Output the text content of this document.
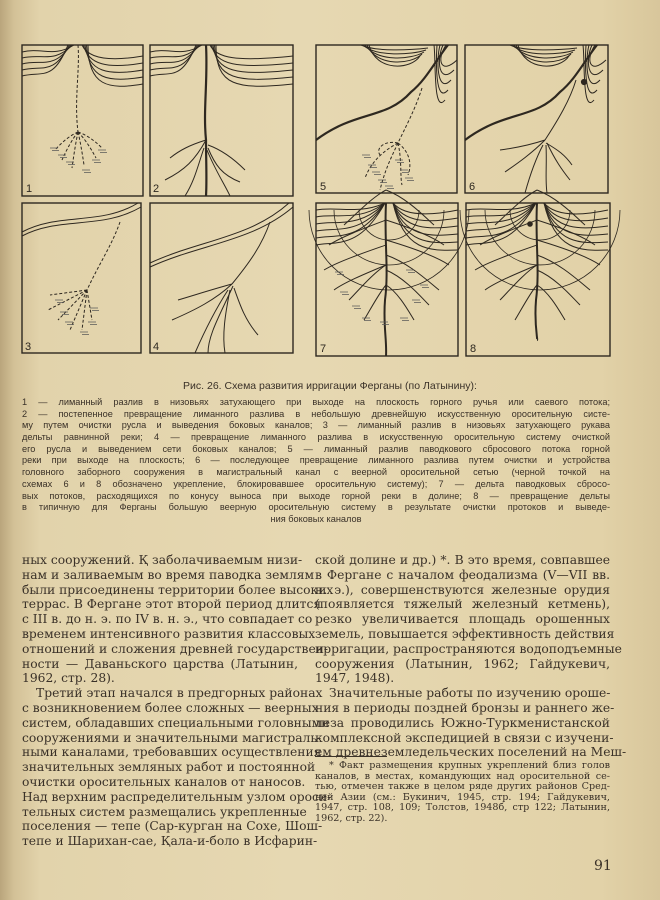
1	2
3	4
5	6
7	8
Рис. 26. Схема развития ирригации Ферганы (по Латынину):
1 — лиманный разлив в низовьях затухающего при выходе на плоскость горного ручья или саевого потока;
2 — постепенное превращение лиманного разлива в небольшую древнейшую искусственную оросительную систе-
му путем очистки русла и выведения боковых каналов; 3 — лиманный разлив в низовьях затухающего рукава
дельты равнинной реки; 4 — превращение лиманного разлива в искусственную оросительную систему очисткой
его русла и выведением сети боковых каналов; 5 — лиманный разлив паводкового сбросового потока горной
реки при выходе на плоскость; 6 — последующее превращение лиманного разлива путем очистки и устройства
головного заборного сооружения в магистральный канал с веерной оросительной сетью (черной точкой на
схемах 6 и 8 обозначено укрепление, блокировавшее оросительную систему); 7 — дельта паводковых сбросо-
вых потоков, расходящихся по конусу выноса при выходе горной реки в долине; 8 — превращение дельты
в типичную для Ферганы большую веерную оросительную систему в результате очистки протоков и выведе-
ния боковых каналов
ных сооружений. Қ заболачиваемым низи-
нам и заливаемым во время паводка землям
были присоединены территории более высоких
террас. В Фергане этот второй период длится
с III в. до н. э. по IV в. н. э., что совпадает со
временем интенсивного развития классовых
отношений и сложения древней государствен-
ности — Даваньского царства (Латынин,
1962, стр. 28).
Третий этап начался в предгорных районах
с возникновением более сложных — веерных
систем, обладавших специальными головными
сооружениями и значительными магистраль-
ными каналами, требовавших осуществления
значительных земляных работ и постоянной
очистки оросительных каналов от наносов.
Над верхним распределительным узлом ороси-
тельных систем размещались укрепленные
поселения — тепе (Сар-курган на Сохе, Шош-
тепе и Шарихан-сае, Қала-и-боло в Исфарин-
ской долине и др.) *. В это время, совпавшее
в Фергане с началом феодализма (V—VII вв.
н. э.), совершенствуются железные орудия
(появляется тяжелый железный кетмень),
резко увеличивается площадь орошенных
земель, повышается эффективность действия
ирригации, распространяются водоподъемные
сооружения (Латынин, 1962; Гайдукевич,
1947, 1948).
Значительные работы по изучению ороше-
ния в периоды поздней бронзы и раннего же-
леза проводились Южно-Туркменистанской
комплексной экспедицией в связи с изучени-
ем древнеземледельческих поселений на Меш-
* Факт размещения крупных укреплений близ голов
каналов, в местах, командующих над оросительной се-
тью, отмечен также в целом ряде других районов Сред-
ней Азии (см.: Букинич, 1945, стр. 194; Гайдукевич,
1947, стр. 108, 109; Толстов, 1948б, стр 122; Латынин,
1962, стр. 22).
91
